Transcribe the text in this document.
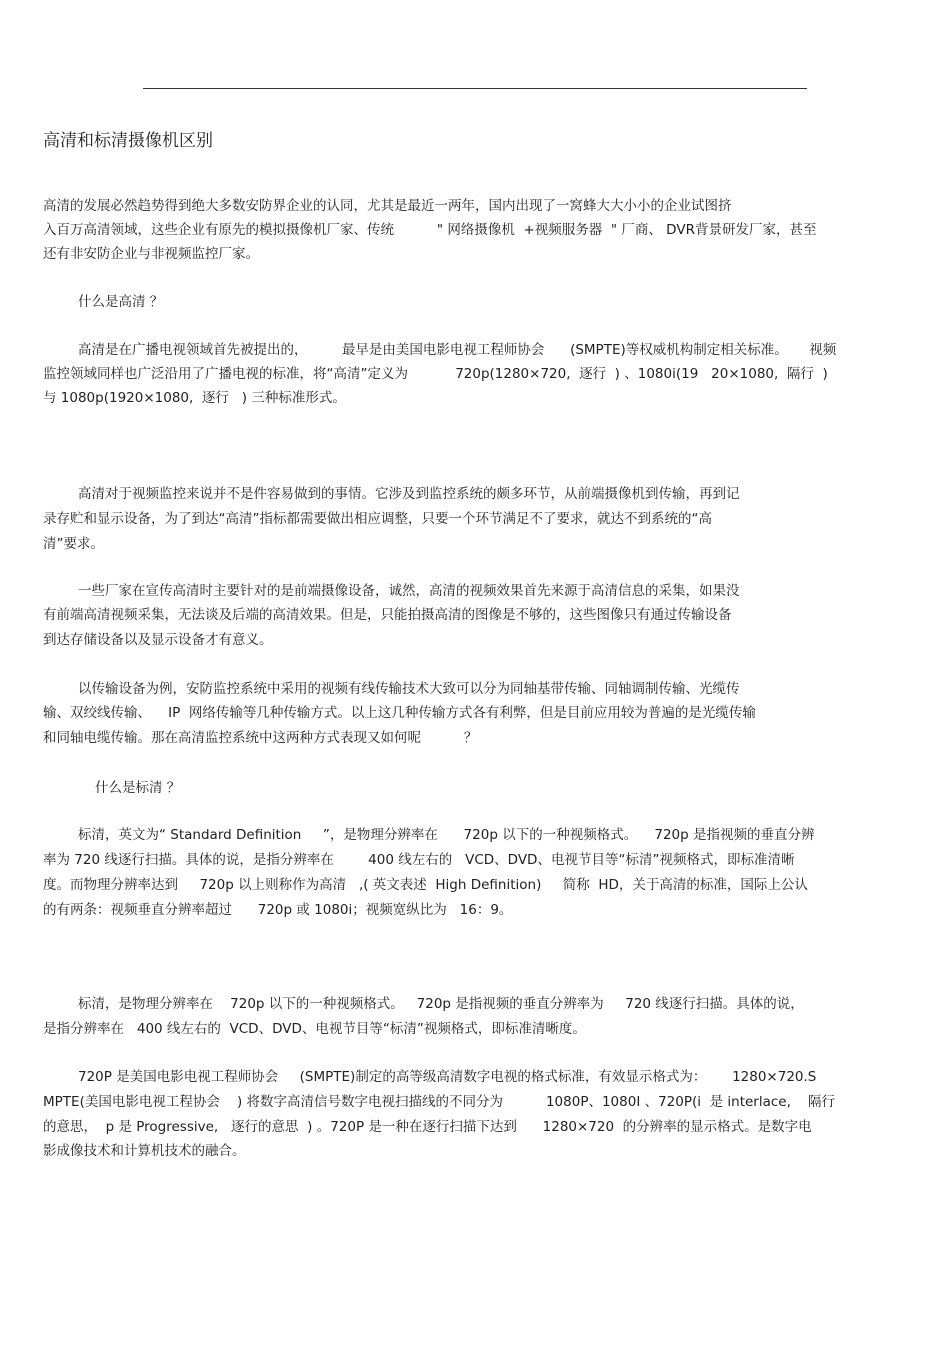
高清和标清摄像机区别
高清的发展必然趋势得到绝大多数安防界企业的认同，尤其是最近一两年，国内出现了一窝蜂大大小小的企业试图挤
入百万高清领域，这些企业有原先的模拟摄像机厂家、传统          " 网络摄像机  +视频服务器  " 厂商、 DVR背景研发厂家，甚至
还有非安防企业与非视频监控厂家。
什么是高清 ？
高清是在广播电视领域首先被提出的，        最早是由美国电影电视工程师协会      (SMPTE)等权威机构制定相关标准。     视频
监控领域同样也广泛沿用了广播电视的标准，将“高清”定义为           720p(1280×720,  逐行  ) 、1080i(19   20×1080,  隔行  )
与 1080p(1920×1080,  逐行   ) 三种标准形式。
高清对于视频监控来说并不是件容易做到的事情。它涉及到监控系统的颇多环节，从前端摄像机到传输，再到记
录存贮和显示设备，为了到达“高清”指标都需要做出相应调整，只要一个环节满足不了要求，就达不到系统的“高
清”要求。
一些厂家在宣传高清时主要针对的是前端摄像设备，诚然，高清的视频效果首先来源于高清信息的采集，如果没
有前端高清视频采集，无法谈及后端的高清效果。但是，只能拍摄高清的图像是不够的，这些图像只有通过传输设备
到达存储设备以及显示设备才有意义。
以传输设备为例，安防监控系统中采用的视频有线传输技术大致可以分为同轴基带传输、同轴调制传输、光缆传
输、双绞线传输、    IP  网络传输等几种传输方式。以上这几种传输方式各有利弊，但是目前应用较为普遍的是光缆传输
和同轴电缆传输。那在高清监控系统中这两种方式表现又如何呢          ？
什么是标清 ？
标清，英文为“ Standard Definition     ”，是物理分辨率在      720p 以下的一种视频格式。    720p 是指视频的垂直分辨
率为 720 线逐行扫描。具体的说，是指分辨率在        400 线左右的   VCD、DVD、电视节目等“标清”视频格式，即标准清晰
度。而物理分辨率达到     720p 以上则称作为高清   ,( 英文表述  High Definition)     简称  HD，关于高清的标准，国际上公认
的有两条：视频垂直分辨率超过      720p 或 1080i；视频宽纵比为   16：9。
标清，是物理分辨率在    720p 以下的一种视频格式。   720p 是指视频的垂直分辨率为     720 线逐行扫描。具体的说，
是指分辨率在   400 线左右的  VCD、DVD、电视节目等“标清”视频格式，即标准清晰度。
720P 是美国电影电视工程师协会     (SMPTE)制定的高等级高清数字电视的格式标准，有效显示格式为：      1280×720.S
MPTE(美国电影电视工程协会    ) 将数字高清信号数字电视扫描线的不同分为          1080P、1080I 、720P(i  是 interlace,    隔行
的意思，  p 是 Progressive,   逐行的意思  ) 。720P 是一种在逐行扫描下达到      1280×720  的分辨率的显示格式。是数字电
影成像技术和计算机技术的融合。
